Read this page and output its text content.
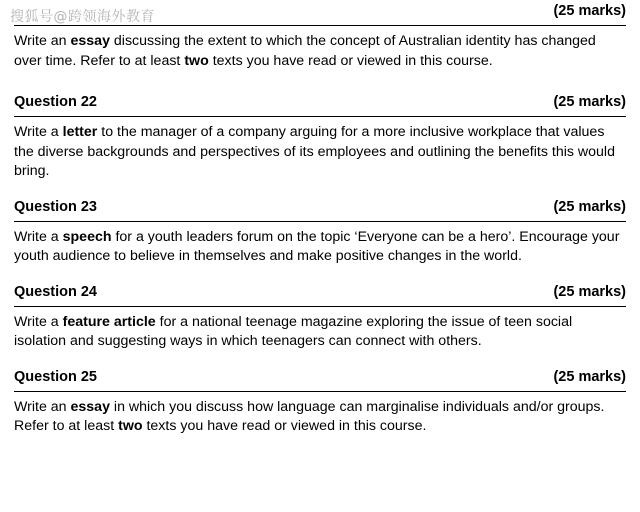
搜狐号@跨领海外教育	(25 marks)

Write an essay discussing the extent to which the concept of Australian identity has changed over time. Refer to at least two texts you have read or viewed in this course.

Question 22	(25 marks)

Write a letter to the manager of a company arguing for a more inclusive workplace that values the diverse backgrounds and perspectives of its employees and outlining the benefits this would bring.

Question 23	(25 marks)

Write a speech for a youth leaders forum on the topic ‘Everyone can be a hero’. Encourage your youth audience to believe in themselves and make positive changes in the world.

Question 24	(25 marks)

Write a feature article for a national teenage magazine exploring the issue of teen social isolation and suggesting ways in which teenagers can connect with others.

Question 25	(25 marks)

Write an essay in which you discuss how language can marginalise individuals and/or groups. Refer to at least two texts you have read or viewed in this course.
